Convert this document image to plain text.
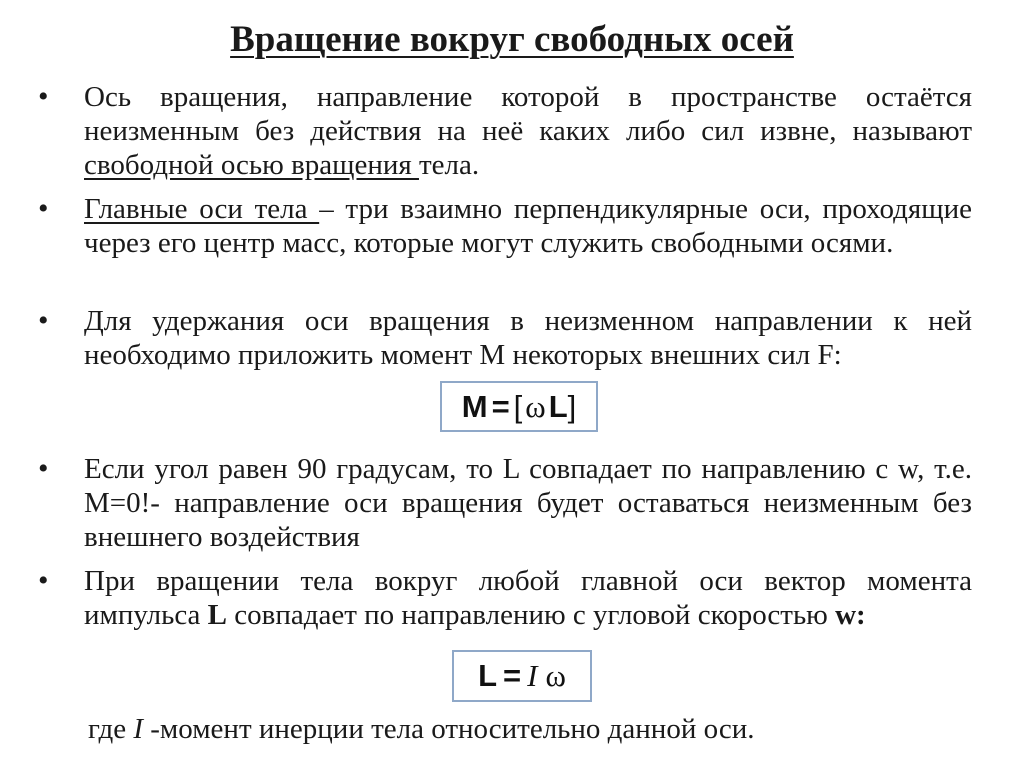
Вращение вокруг свободных осей
• Ось вращения, направление которой в пространстве остаётся неизменным без действия на неё каких либо сил извне, называют свободной осью вращения тела.
• Главные оси тела – три взаимно перпендикулярные оси, проходящие через его центр масс, которые могут служить свободными осями.
• Для удержания оси вращения в неизменном направлении к ней необходимо приложить момент М некоторых внешних сил F:
M = [ ω L ]
• Если угол равен 90 градусам, то L совпадает по направлению с w, т.е. M=0!- направление оси вращения будет оставаться неизменным без внешнего воздействия
• При вращении тела вокруг любой главной оси вектор момента импульса L совпадает по направлению с угловой скоростью w:
L = I ω
где I -момент инерции тела относительно данной оси.
